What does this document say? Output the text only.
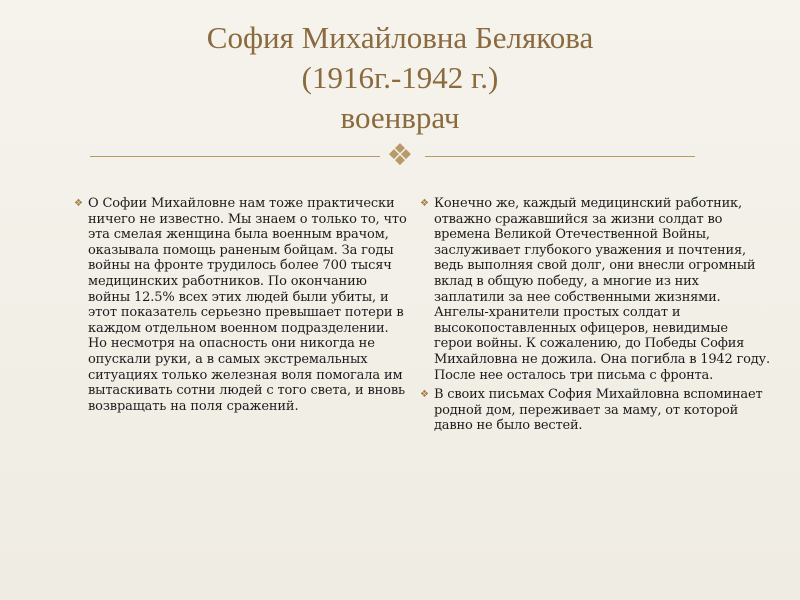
София Михайловна Белякова
(1916г.-1942 г.)
военврач
❖
❖ О Софии Михайловне нам тоже практически ничего не известно. Мы знаем о только то, что эта смелая женщина была военным врачом, оказывала помощь раненым бойцам. За годы войны на фронте трудилось более 700 тысяч медицинских работников. По окончанию войны 12.5% всех этих людей были убиты, и этот показатель серьезно превышает потери в каждом отдельном военном подразделении. Но несмотря на опасность они никогда не опускали руки, а в самых экстремальных ситуациях только железная воля помогала им вытаскивать сотни людей с того света, и вновь возвращать на поля сражений.
❖ Конечно же, каждый медицинский работник, отважно сражавшийся за жизни солдат во времена Великой Отечественной Войны, заслуживает глубокого уважения и почтения, ведь выполняя свой долг, они внесли огромный вклад в общую победу, а многие из них заплатили за нее собственными жизнями. Ангелы-хранители простых солдат и высокопоставленных офицеров, невидимые герои войны. К сожалению, до Победы София Михайловна не дожила. Она погибла в 1942 году. После нее осталось три письма с фронта.
❖ В своих письмах София Михайловна вспоминает родной дом, переживает за маму, от которой давно не было вестей.
